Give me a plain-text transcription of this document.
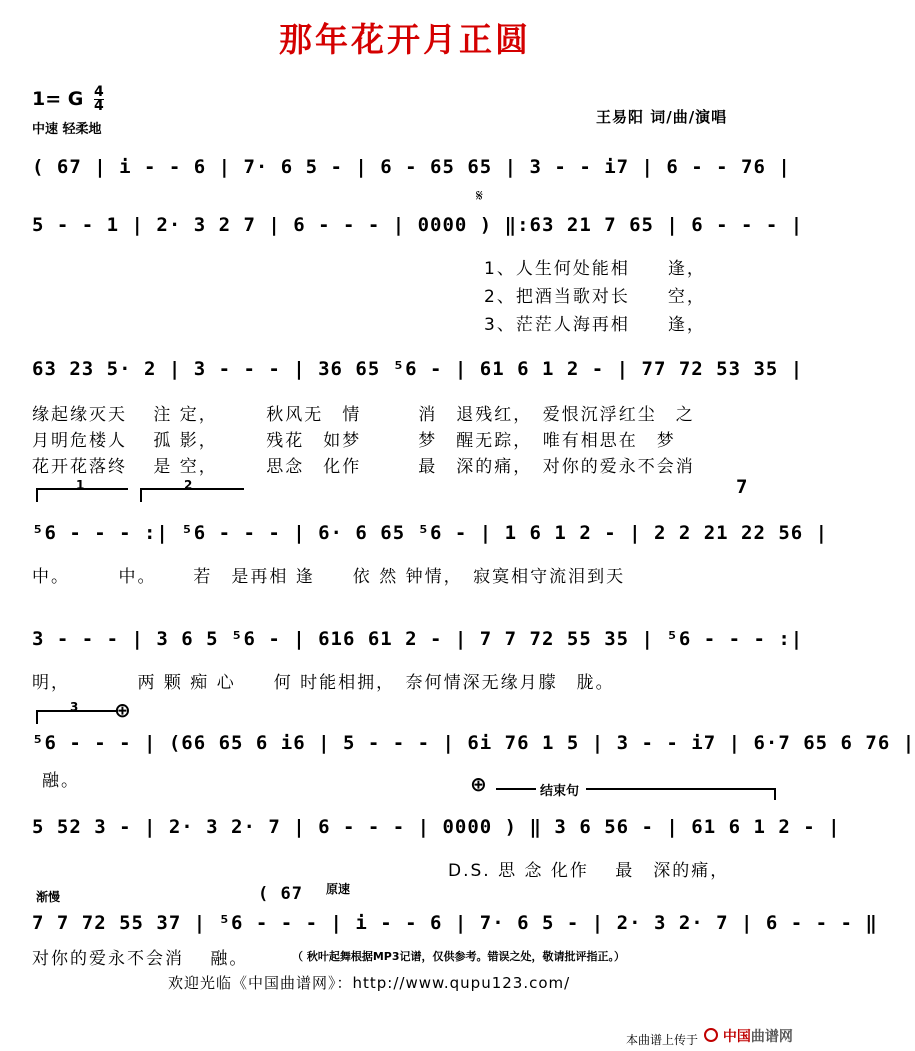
那年花开月正圆
1= G $\frac{4}{4}$
中速 轻柔地
王易阳 词/曲/演唱
( 67 | i - - 6 | 7· 6 5 - | 6 - 65 65 | 3 - - i7 | 6 - - 76 |
𝄋
5 - - 1 | 2· 3 2 7 | 6 - - - | 0000 ) ‖:63 21 7 65 | 6 - - - |
1、人生何处能相　　逢，
2、把酒当歌对长　　空，
3、茫茫人海再相　　逢，
63 23 5· 2 | 3 - - - | 36 65 ⁵6 - | 61 6 1 2 - | 77 72 53 35 |
缘起缘灭天　 注 定，　　　秋风无　情　　　消　退残红，　爱恨沉浮红尘　之
月明危楼人　 孤 影，　　　残花　如梦　　　梦　醒无踪，　唯有相思在　梦
花开花落终　 是 空，　　　思念　化作　　　最　深的痛，　对你的爱永不会消
1	2	7
⁵6 - - - :| ⁵6 - - - | 6· 6 65 ⁵6 - | 1 6 1 2 - | 2 2 21 22 56 |
中。　　　中。　　 若　是再相 逢　　依 然 钟情，　寂寞相守流泪到天
3 - - - | 3 6 5 ⁵6 - | 616 61 2 - | 7 7 72 55 35 | ⁵6 - - - :|
明，　　　　两 颗 痴 心　　何 时能相拥，　奈何情深无缘月朦　胧。
3 ⊕
⁵6 - - - | (66 65 6 i6 | 5 - - - | 6i 76 1 5 | 3 - - i7 | 6·7 65 6 76 |
融。	⊕	结束句
5 52 3 - | 2· 3 2· 7 | 6 - - - | 0000 ) ‖ 3 6 56 - | 61 6 1 2 - |
D.S. 思 念 化作　 最　深的痛，
渐慢	( 67 原速
7 7 72 55 37 | ⁵6 - - - | i - - 6 | 7· 6 5 - | 2· 3 2· 7 | 6 - - - ‖
对你的爱永不会消　 融。	（ 秋叶起舞根据MP3记谱，仅供参考。错误之处，敬请批评指正。）
欢迎光临《中国曲谱网》：http://www.qupu123.com/
本曲谱上传于	中国曲谱网
